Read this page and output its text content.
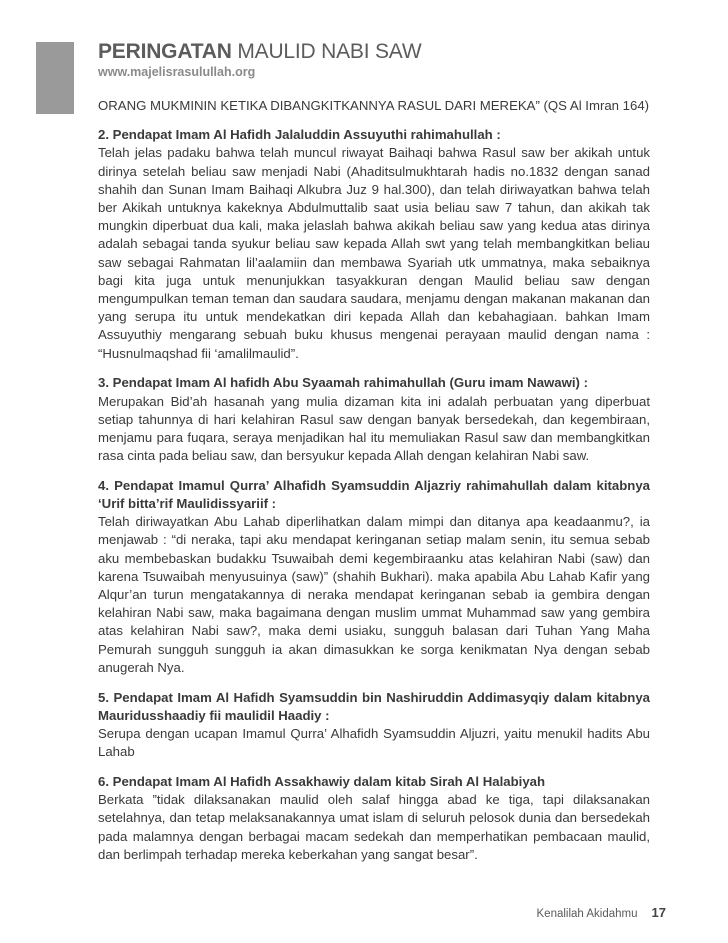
PERINGATAN MAULID NABI SAW
www.majelisrasulullah.org

ORANG MUKMININ KETIKA DIBANGKITKANNYA RASUL DARI MEREKA” (QS Al Imran 164)

2. Pendapat Imam Al Hafidh Jalaluddin Assuyuthi rahimahullah :
Telah jelas padaku bahwa telah muncul riwayat Baihaqi bahwa Rasul saw ber akikah untuk dirinya setelah beliau saw menjadi Nabi (Ahaditsulmukhtarah hadis no.1832 dengan sanad shahih dan Sunan Imam Baihaqi Alkubra Juz 9 hal.300), dan telah diriwayatkan bahwa telah ber Akikah untuknya kakeknya Abdulmuttalib saat usia beliau saw 7 tahun, dan akikah tak mungkin diperbuat dua kali, maka jelaslah bahwa akikah beliau saw yang kedua atas dirinya adalah sebagai tanda syukur beliau saw kepada Allah swt yang telah membangkitkan beliau saw sebagai Rahmatan lil’aalamiin dan membawa Syariah utk ummatnya, maka sebaiknya bagi kita juga untuk menunjukkan tasyakkuran dengan Maulid beliau saw dengan mengumpulkan teman teman dan saudara saudara, menjamu dengan makanan makanan dan yang serupa itu untuk mendekatkan diri kepada Allah dan kebahagiaan. bahkan Imam Assuyuthiy mengarang sebuah buku khusus mengenai perayaan maulid dengan nama : “Husnulmaqshad fii ‘amalilmaulid”.

3. Pendapat Imam Al hafidh Abu Syaamah rahimahullah (Guru imam Nawawi) :
Merupakan Bid’ah hasanah yang mulia dizaman kita ini adalah perbuatan yang diperbuat setiap tahunnya di hari kelahiran Rasul saw dengan banyak bersedekah, dan kegembiraan, menjamu para fuqara, seraya menjadikan hal itu memuliakan Rasul saw dan membangkitkan rasa cinta pada beliau saw, dan bersyukur kepada Allah dengan kelahiran Nabi saw.

4. Pendapat Imamul Qurra’ Alhafidh Syamsuddin Aljazriy rahimahullah dalam kitabnya ‘Urif bitta’rif Maulidissyariif :
Telah diriwayatkan Abu Lahab diperlihatkan dalam mimpi dan ditanya apa keadaanmu?, ia menjawab : “di neraka, tapi aku mendapat keringanan setiap malam senin, itu semua sebab aku membebaskan budakku Tsuwaibah demi kegembiraanku atas kelahiran Nabi (saw) dan karena Tsuwaibah menyusuinya (saw)” (shahih Bukhari). maka apabila Abu Lahab Kafir yang Alqur’an turun mengatakannya di neraka mendapat keringanan sebab ia gembira dengan kelahiran Nabi saw, maka bagaimana dengan muslim ummat Muhammad saw yang gembira atas kelahiran Nabi saw?, maka demi usiaku, sungguh balasan dari Tuhan Yang Maha Pemurah sungguh sungguh ia akan dimasukkan ke sorga kenikmatan Nya dengan sebab anugerah Nya.

5. Pendapat Imam Al Hafidh Syamsuddin bin Nashiruddin Addimasyqiy dalam kitabnya Mauridusshaadiy fii maulidil Haadiy :
Serupa dengan ucapan Imamul Qurra’ Alhafidh Syamsuddin Aljuzri, yaitu menukil hadits Abu Lahab

6. Pendapat Imam Al Hafidh Assakhawiy dalam kitab Sirah Al Halabiyah
Berkata ”tidak dilaksanakan maulid oleh salaf hingga abad ke tiga, tapi dilaksanakan setelahnya, dan tetap melaksanakannya umat islam di seluruh pelosok dunia dan bersedekah pada malamnya dengan berbagai macam sedekah dan memperhatikan pembacaan maulid, dan berlimpah terhadap mereka keberkahan yang sangat besar”.

Kenalilah Akidahmu 17
